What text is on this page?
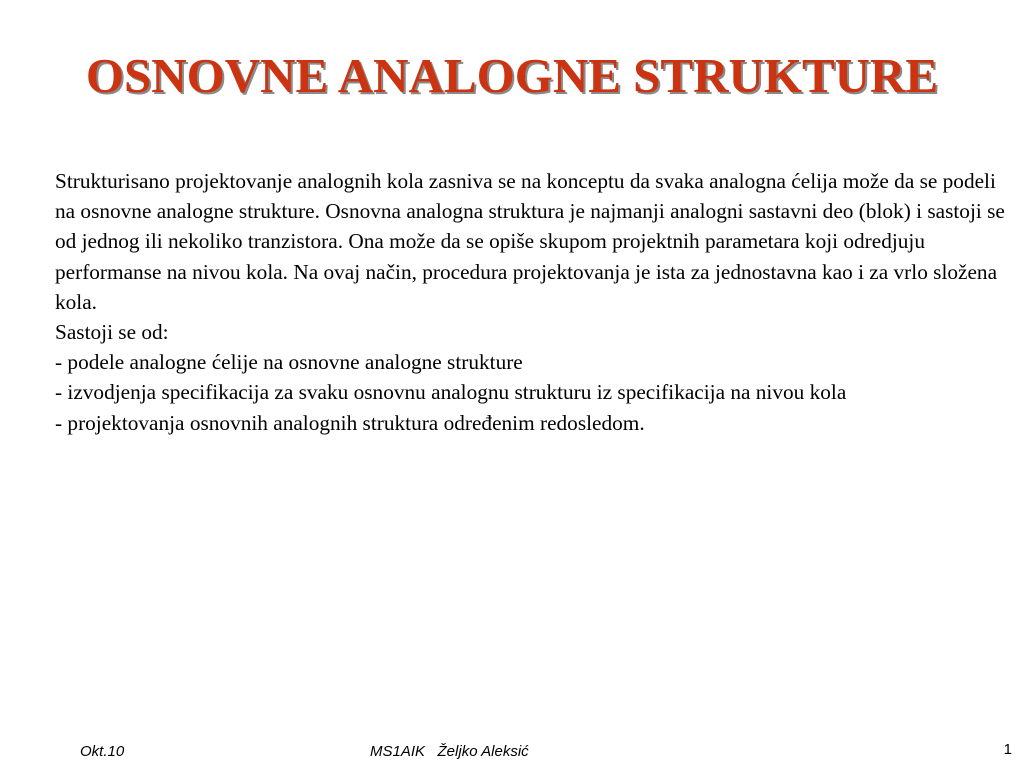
OSNOVNE ANALOGNE STRUKTURE

Strukturisano projektovanje analognih kola zasniva se na konceptu da svaka analogna ćelija može da se podeli na osnovne analogne strukture. Osnovna analogna struktura je najmanji analogni sastavni deo (blok) i sastoji se od jednog ili nekoliko tranzistora. Ona može da se opiše skupom projektnih parametara koji odredjuju performanse na nivou kola. Na ovaj način, procedura projektovanja je ista za jednostavna kao i za vrlo složena kola.

Sastoji se od:

- podele analogne ćelije na osnovne analogne strukture

- izvodjenja specifikacija za svaku osnovnu analognu strukturu iz specifikacija na nivou kola

- projektovanja osnovnih analognih struktura određenim redosledom.

Okt.10	MS1AIK   Željko Aleksić	1
